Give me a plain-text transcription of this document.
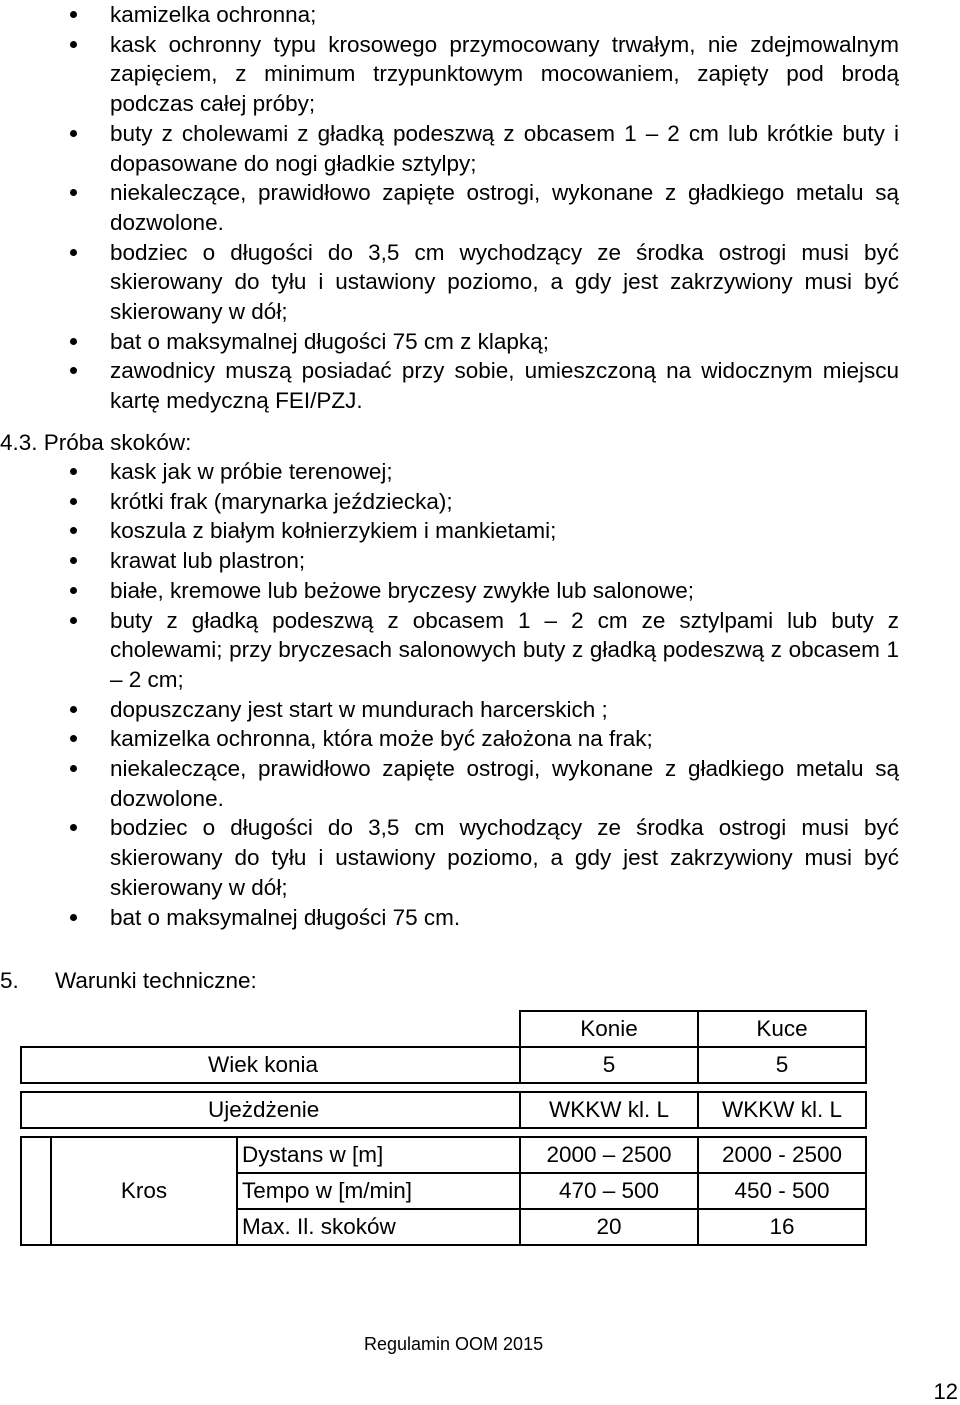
kamizelka ochronna;
kask ochronny typu krosowego przymocowany trwałym, nie zdejmowalnym zapięciem, z minimum trzypunktowym mocowaniem, zapięty pod brodą podczas całej próby;
buty z cholewami z gładką podeszwą z obcasem 1 – 2 cm lub krótkie buty i dopasowane do nogi gładkie sztylpy;
niekaleczące, prawidłowo zapięte ostrogi, wykonane z gładkiego metalu są dozwolone.
bodziec o długości do 3,5 cm wychodzący ze środka ostrogi musi być skierowany do tyłu i ustawiony poziomo, a gdy jest zakrzywiony musi być skierowany w dół;
bat o maksymalnej długości 75 cm z klapką;
zawodnicy muszą posiadać przy sobie, umieszczoną na widocznym miejscu kartę medyczną FEI/PZJ.
4.3. Próba skoków:
kask jak w próbie terenowej;
krótki frak (marynarka jeździecka);
koszula z białym kołnierzykiem i mankietami;
krawat lub plastron;
białe, kremowe lub beżowe bryczesy zwykłe lub salonowe;
buty z gładką podeszwą z obcasem 1 – 2 cm ze sztylpami lub buty z cholewami; przy bryczesach salonowych buty z gładką podeszwą z obcasem 1 – 2 cm;
dopuszczany jest start w mundurach harcerskich ;
kamizelka ochronna, która może być założona na frak;
niekaleczące, prawidłowo zapięte ostrogi, wykonane z gładkiego metalu są dozwolone.
bodziec o długości do 3,5 cm wychodzący ze środka ostrogi musi być skierowany do tyłu i ustawiony poziomo, a gdy jest zakrzywiony musi być skierowany w dół;
bat o maksymalnej długości 75 cm.
5. Warunki techniczne:
			Konie	Kuce
Wiek konia			5	5

Ujeżdżenie			WKKW kl. L	WKKW kl. L

	Kros	Dystans w [m]	2000 – 2500	2000 - 2500
		Tempo w [m/min]	470 – 500	450 - 500
		Max. Il. skoków	20	16
Regulamin OOM 2015
12
